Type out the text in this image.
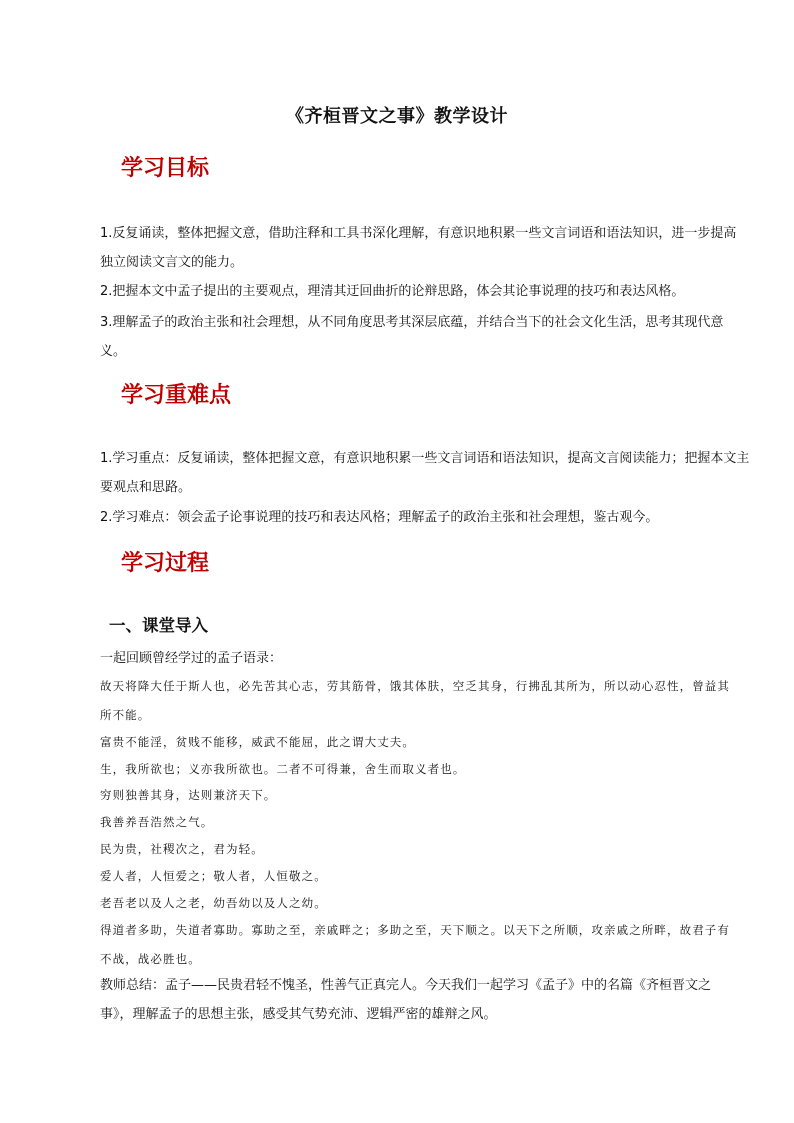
《齐桓晋文之事》教学设计
学习目标
1.反复诵读，整体把握文意，借助注释和工具书深化理解，有意识地积累一些文言词语和语法知识，进一步提高独立阅读文言文的能力。
2.把握本文中孟子提出的主要观点，理清其迂回曲折的论辩思路，体会其论事说理的技巧和表达风格。
3.理解孟子的政治主张和社会理想，从不同角度思考其深层底蕴，并结合当下的社会文化生活，思考其现代意义。
学习重难点
1.学习重点：反复诵读，整体把握文意，有意识地积累一些文言词语和语法知识，提高文言阅读能力；把握本文主要观点和思路。
2.学习难点：领会孟子论事说理的技巧和表达风格；理解孟子的政治主张和社会理想，鉴古观今。
学习过程
一、课堂导入
一起回顾曾经学过的孟子语录：
故天将降大任于斯人也，必先苦其心志，劳其筋骨，饿其体肤，空乏其身，行拂乱其所为，所以动心忍性，曾益其所不能。
富贵不能淫，贫贱不能移，威武不能屈，此之谓大丈夫。
生，我所欲也；义亦我所欲也。二者不可得兼，舍生而取义者也。
穷则独善其身，达则兼济天下。
我善养吾浩然之气。
民为贵，社稷次之，君为轻。
爱人者，人恒爱之；敬人者，人恒敬之。
老吾老以及人之老，幼吾幼以及人之幼。
得道者多助，失道者寡助。寡助之至，亲戚畔之；多助之至，天下顺之。以天下之所顺，攻亲戚之所畔，故君子有不战，战必胜也。
教师总结：孟子——民贵君轻不愧圣，性善气正真完人。今天我们一起学习《孟子》中的名篇《齐桓晋文之事》，理解孟子的思想主张，感受其气势充沛、逻辑严密的雄辩之风。
